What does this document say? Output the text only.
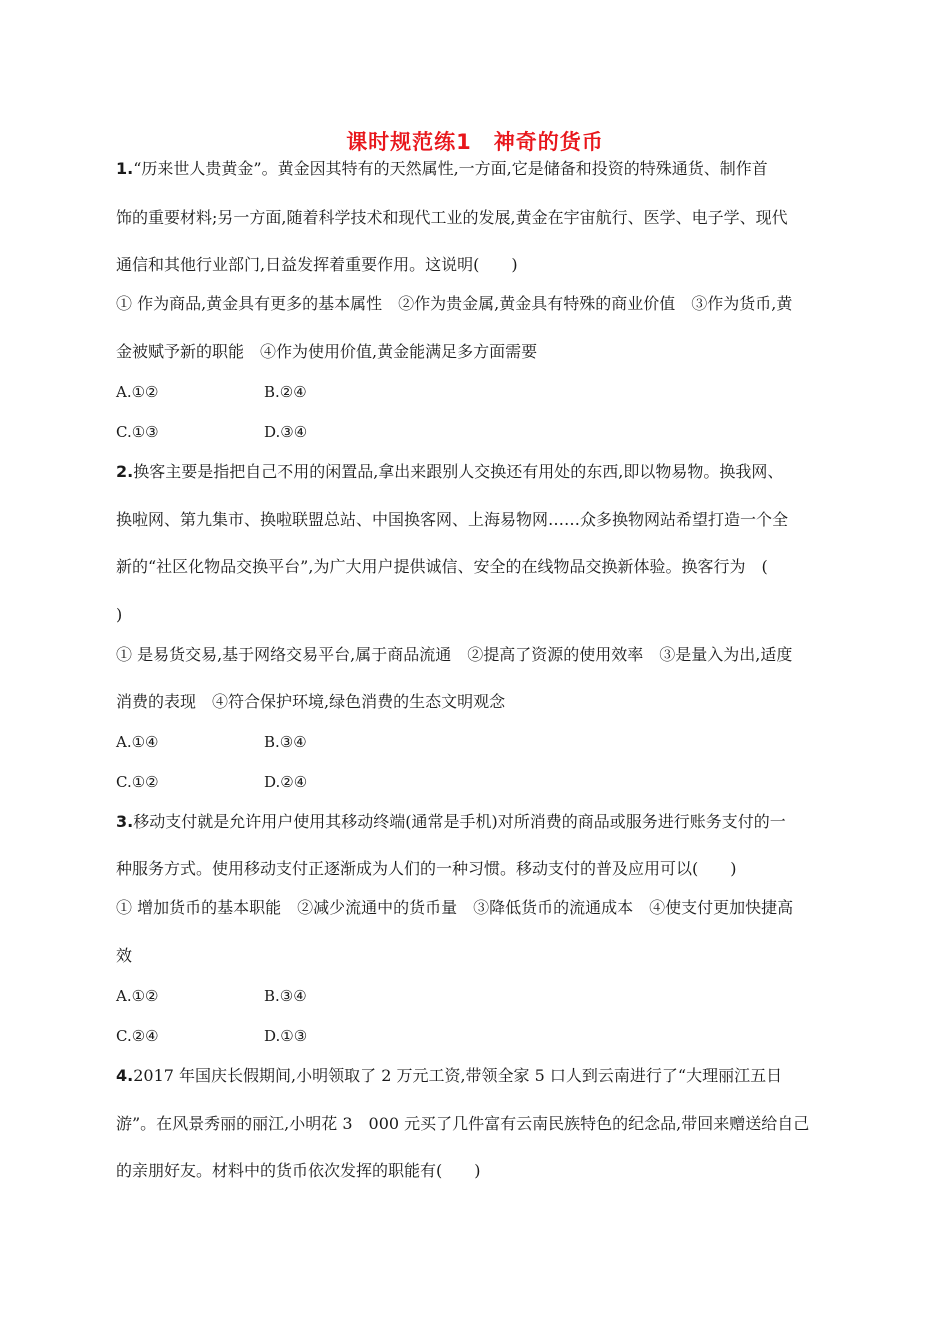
课时规范练1　神奇的货币
1.“历来世人贵黄金”。黄金因其特有的天然属性,一方面,它是储备和投资的特殊通货、制作首
饰的重要材料;另一方面,随着科学技术和现代工业的发展,黄金在宇宙航行、医学、电子学、现代
通信和其他行业部门,日益发挥着重要作用。这说明(　　)
① 作为商品,黄金具有更多的基本属性　②作为贵金属,黄金具有特殊的商业价值　③作为货币,黄
金被赋予新的职能　④作为使用价值,黄金能满足多方面需要
A.①②	B.②④
C.①③	D.③④
2.换客主要是指把自己不用的闲置品,拿出来跟别人交换还有用处的东西,即以物易物。换我网、
换啦网、第九集市、换啦联盟总站、中国换客网、上海易物网……众多换物网站希望打造一个全
新的“社区化物品交换平台”,为广大用户提供诚信、安全的在线物品交换新体验。换客行为　(
)
① 是易货交易,基于网络交易平台,属于商品流通　②提高了资源的使用效率　③是量入为出,适度
消费的表现　④符合保护环境,绿色消费的生态文明观念
A.①④	B.③④
C.①②	D.②④
3.移动支付就是允许用户使用其移动终端(通常是手机)对所消费的商品或服务进行账务支付的一
种服务方式。使用移动支付正逐渐成为人们的一种习惯。移动支付的普及应用可以(　　)
① 增加货币的基本职能　②减少流通中的货币量　③降低货币的流通成本　④使支付更加快捷高
效
A.①②	B.③④
C.②④	D.①③
4.2017 年国庆长假期间,小明领取了 2 万元工资,带领全家 5 口人到云南进行了“大理丽江五日
游”。在风景秀丽的丽江,小明花 3　000 元买了几件富有云南民族特色的纪念品,带回来赠送给自己
的亲朋好友。材料中的货币依次发挥的职能有(　　)
